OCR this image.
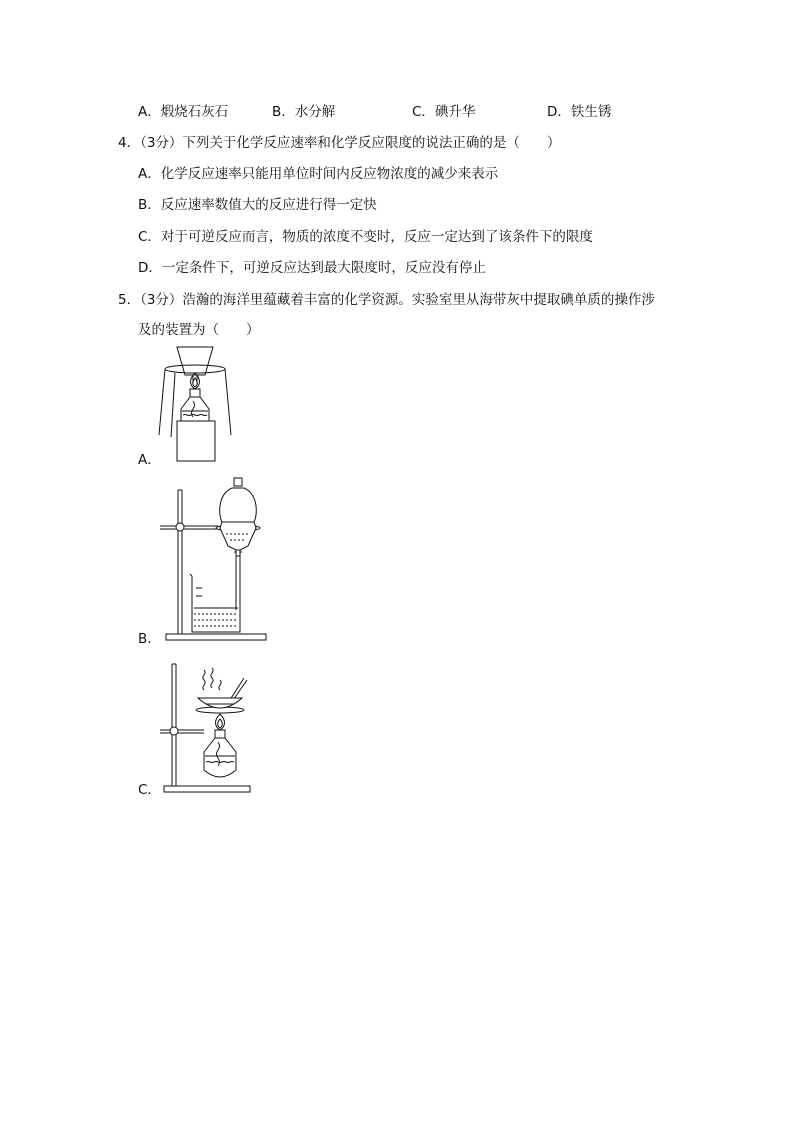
A．煅烧石灰石	B．水分解	C．碘升华	D．铁生锈
4．（3分）下列关于化学反应速率和化学反应限度的说法正确的是（　　）
A．化学反应速率只能用单位时间内反应物浓度的减少来表示
B．反应速率数值大的反应进行得一定快
C．对于可逆反应而言，物质的浓度不变时，反应一定达到了该条件下的限度
D．一定条件下，可逆反应达到最大限度时，反应没有停止
5．（3分）浩瀚的海洋里蕴藏着丰富的化学资源。实验室里从海带灰中提取碘单质的操作涉
及的装置为（　　）
A．
B．
C．
